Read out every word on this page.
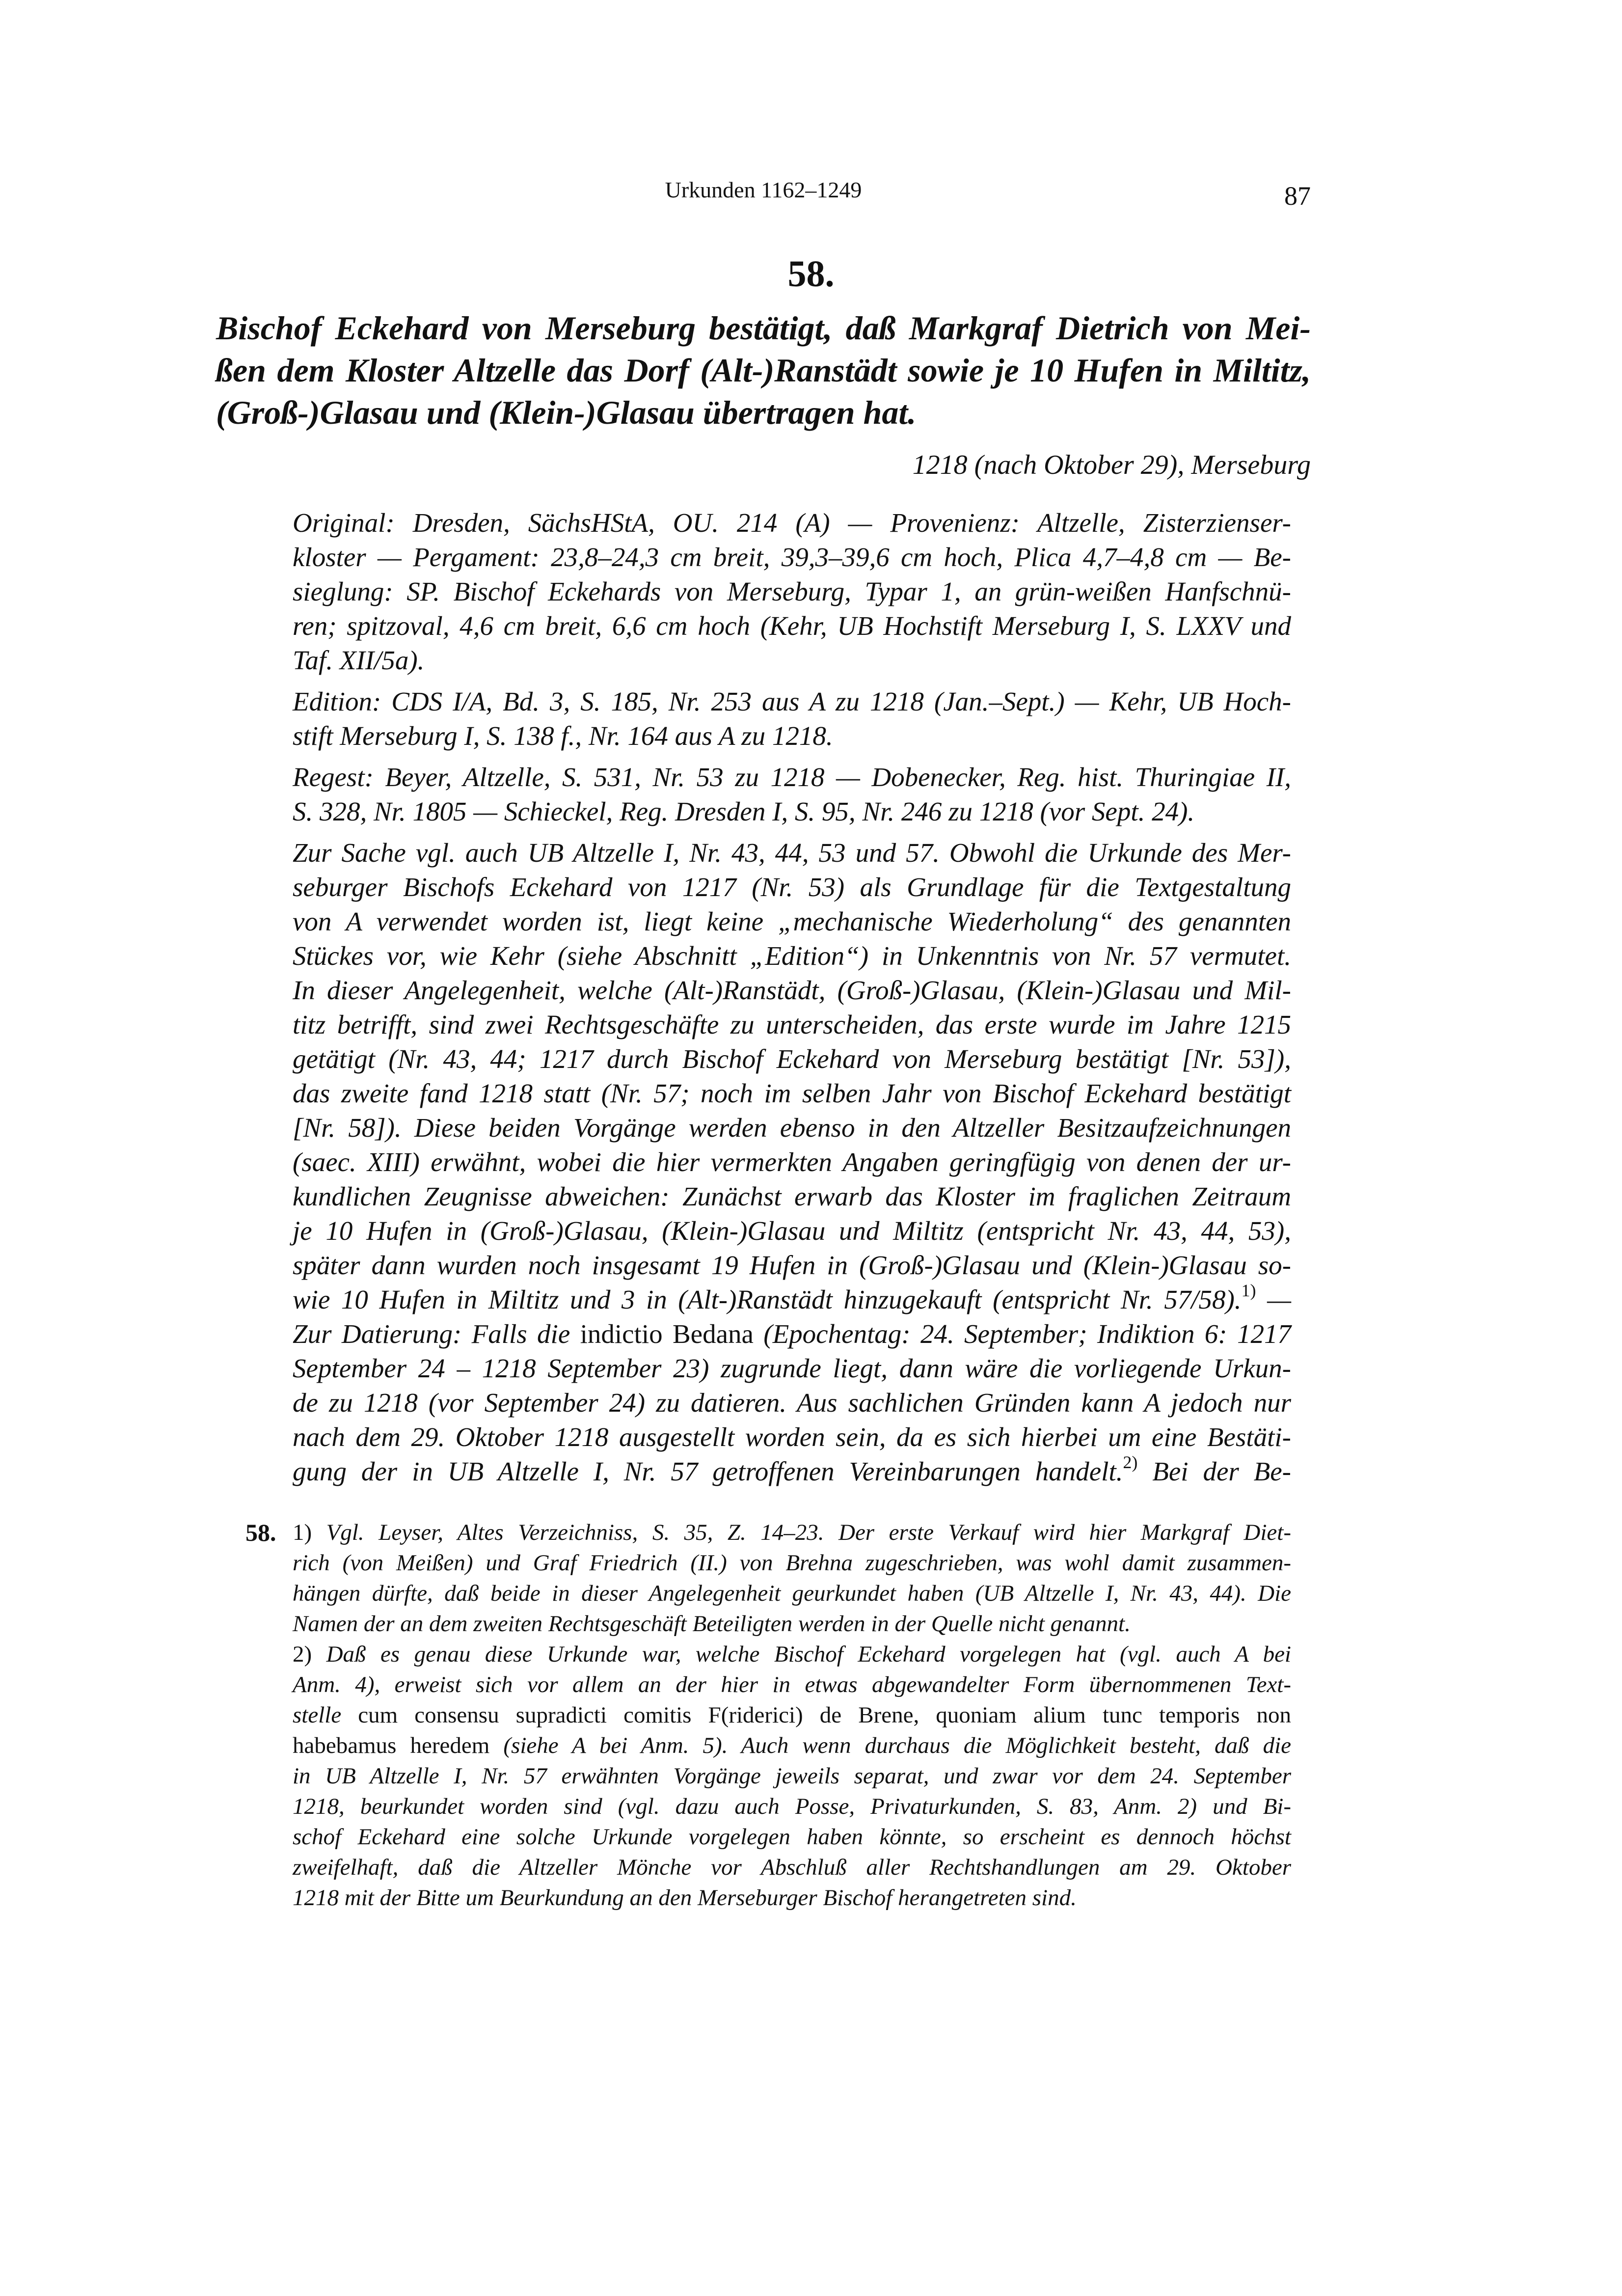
Urkunden 1162–1249	87
58.
Bischof Eckehard von Merseburg bestätigt, daß Markgraf Dietrich von Mei-
ßen dem Kloster Altzelle das Dorf (Alt-)Ranstädt sowie je 10 Hufen in Miltitz,
(Groß-)Glasau und (Klein-)Glasau übertragen hat.
1218 (nach Oktober 29), Merseburg

Original: Dresden, SächsHStA, OU. 214 (A) — Provenienz: Altzelle, Zisterzienser-
kloster — Pergament: 23,8–24,3 cm breit, 39,3–39,6 cm hoch, Plica 4,7–4,8 cm — Be-
sieglung: SP. Bischof Eckehards von Merseburg, Typar 1, an grün-weißen Hanfschnü-
ren; spitzoval, 4,6 cm breit, 6,6 cm hoch (Kehr, UB Hochstift Merseburg I, S. LXXV und
Taf. XII/5a).

Edition: CDS I/A, Bd. 3, S. 185, Nr. 253 aus A zu 1218 (Jan.–Sept.) — Kehr, UB Hoch-
stift Merseburg I, S. 138 f., Nr. 164 aus A zu 1218.

Regest: Beyer, Altzelle, S. 531, Nr. 53 zu 1218 — Dobenecker, Reg. hist. Thuringiae II,
S. 328, Nr. 1805 — Schieckel, Reg. Dresden I, S. 95, Nr. 246 zu 1218 (vor Sept. 24).

Zur Sache vgl. auch UB Altzelle I, Nr. 43, 44, 53 und 57. Obwohl die Urkunde des Mer-
seburger Bischofs Eckehard von 1217 (Nr. 53) als Grundlage für die Textgestaltung
von A verwendet worden ist, liegt keine „mechanische Wiederholung“ des genannten
Stückes vor, wie Kehr (siehe Abschnitt „Edition“) in Unkenntnis von Nr. 57 vermutet.
In dieser Angelegenheit, welche (Alt-)Ranstädt, (Groß-)Glasau, (Klein-)Glasau und Mil-
titz betrifft, sind zwei Rechtsgeschäfte zu unterscheiden, das erste wurde im Jahre 1215
getätigt (Nr. 43, 44; 1217 durch Bischof Eckehard von Merseburg bestätigt [Nr. 53]),
das zweite fand 1218 statt (Nr. 57; noch im selben Jahr von Bischof Eckehard bestätigt
[Nr. 58]). Diese beiden Vorgänge werden ebenso in den Altzeller Besitzaufzeichnungen
(saec. XIII) erwähnt, wobei die hier vermerkten Angaben geringfügig von denen der ur-
kundlichen Zeugnisse abweichen: Zunächst erwarb das Kloster im fraglichen Zeitraum
je 10 Hufen in (Groß-)Glasau, (Klein-)Glasau und Miltitz (entspricht Nr. 43, 44, 53),
später dann wurden noch insgesamt 19 Hufen in (Groß-)Glasau und (Klein-)Glasau so-
wie 10 Hufen in Miltitz und 3 in (Alt-)Ranstädt hinzugekauft (entspricht Nr. 57/58).$^{1)}$ —
Zur Datierung: Falls die indictio Bedana (Epochentag: 24. September; Indiktion 6: 1217
September 24 – 1218 September 23) zugrunde liegt, dann wäre die vorliegende Urkun-
de zu 1218 (vor September 24) zu datieren. Aus sachlichen Gründen kann A jedoch nur
nach dem 29. Oktober 1218 ausgestellt worden sein, da es sich hierbei um eine Bestäti-
gung der in UB Altzelle I, Nr. 57 getroffenen Vereinbarungen handelt.$^{2)}$ Bei der Be-

58. 1) Vgl. Leyser, Altes Verzeichniss, S. 35, Z. 14–23. Der erste Verkauf wird hier Markgraf Diet-
rich (von Meißen) und Graf Friedrich (II.) von Brehna zugeschrieben, was wohl damit zusammen-
hängen dürfte, daß beide in dieser Angelegenheit geurkundet haben (UB Altzelle I, Nr. 43, 44). Die
Namen der an dem zweiten Rechtsgeschäft Beteiligten werden in der Quelle nicht genannt.
2) Daß es genau diese Urkunde war, welche Bischof Eckehard vorgelegen hat (vgl. auch A bei
Anm. 4), erweist sich vor allem an der hier in etwas abgewandelter Form übernommenen Text-
stelle cum consensu supradicti comitis F(riderici) de Brene, quoniam alium tunc temporis non
habebamus heredem (siehe A bei Anm. 5). Auch wenn durchaus die Möglichkeit besteht, daß die
in UB Altzelle I, Nr. 57 erwähnten Vorgänge jeweils separat, und zwar vor dem 24. September
1218, beurkundet worden sind (vgl. dazu auch Posse, Privaturkunden, S. 83, Anm. 2) und Bi-
schof Eckehard eine solche Urkunde vorgelegen haben könnte, so erscheint es dennoch höchst
zweifelhaft, daß die Altzeller Mönche vor Abschluß aller Rechtshandlungen am 29. Oktober
1218 mit der Bitte um Beurkundung an den Merseburger Bischof herangetreten sind.
